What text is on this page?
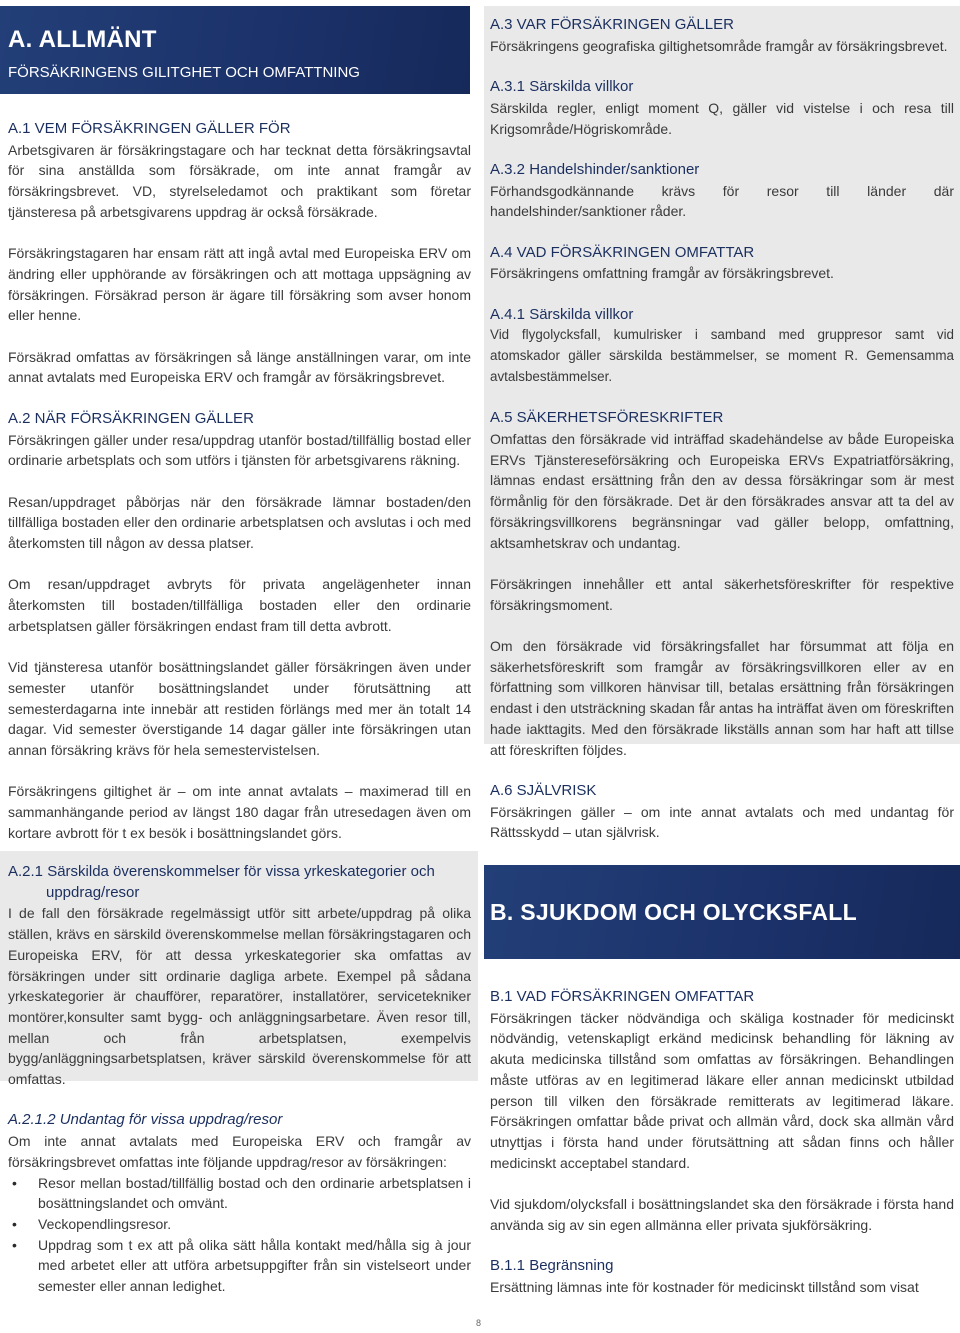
A. ALLMÄNT
FÖRSÄKRINGENS GILITGHET OCH OMFATTNING
A.1 VEM FÖRSÄKRINGEN GÄLLER FÖR

Arbetsgivaren är försäkringstagare och har tecknat detta försäkringsavtal för sina anställda som försäkrade, om inte annat framgår av försäkringsbrevet. VD, styrelseledamot och praktikant som företar tjänsteresa på arbetsgivarens uppdrag är också försäkrade.

Försäkringstagaren har ensam rätt att ingå avtal med Europeiska ERV om ändring eller upphörande av försäkringen och att mottaga uppsägning av försäkringen. Försäkrad person är ägare till försäkring som avser honom eller henne.

Försäkrad omfattas av försäkringen så länge anställningen varar, om inte annat avtalats med Europeiska ERV och framgår av försäkringsbrevet.

A.2 NÄR FÖRSÄKRINGEN GÄLLER

Försäkringen gäller under resa/uppdrag utanför bostad/tillfällig bostad eller ordinarie arbetsplats och som utförs i tjänsten för arbetsgivarens räkning.

Resan/uppdraget påbörjas när den försäkrade lämnar bostaden/den tillfälliga bostaden eller den ordinarie arbetsplatsen och avslutas i och med återkomsten till någon av dessa platser.

Om resan/uppdraget avbryts för privata angelägenheter innan återkomsten till bostaden/tillfälliga bostaden eller den ordinarie arbetsplatsen gäller försäkringen endast fram till detta avbrott.

Vid tjänsteresa utanför bosättningslandet gäller försäkringen även under semester utanför bosättningslandet under förutsättning att semesterdagarna inte innebär att restiden förlängs med mer än totalt 14 dagar. Vid semester överstigande 14 dagar gäller inte försäkringen utan annan försäkring krävs för hela semestervistelsen.

Försäkringens giltighet är – om inte annat avtalats – maximerad till en sammanhängande period av längst 180 dagar från utresedagen även om kortare avbrott för t ex besök i bosättningslandet görs.

A.2.1 Särskilda överenskommelser för vissa yrkeskategorier och
uppdrag/resor

I de fall den försäkrade regelmässigt utför sitt arbete/uppdrag på olika ställen, krävs en särskild överenskommelse mellan försäkringstagaren och Europeiska ERV, för att dessa yrkeskategorier ska omfattas av försäkringen under sitt ordinarie dagliga arbete. Exempel på sådana yrkeskategorier är chaufförer, reparatörer, installatörer, servicetekniker montörer,konsulter samt bygg- och anläggningsarbetare. Även resor till, mellan och från arbetsplatsen, exempelvis bygg/anläggningsarbetsplatsen, kräver särskild överenskommelse för att omfattas.

A.2.1.2 Undantag för vissa uppdrag/resor

Om inte annat avtalats med Europeiska ERV och framgår av försäkringsbrevet omfattas inte följande uppdrag/resor av försäkringen:

• Resor mellan bostad/tillfällig bostad och den ordinarie arbetsplatsen i bosättningslandet och omvänt.
• Veckopendlingsresor.
• Uppdrag som t ex att på olika sätt hålla kontakt med/hålla sig à jour med arbetet eller att utföra arbetsuppgifter från sin vistelseort under semester eller annan ledighet.
A.3 VAR FÖRSÄKRINGEN GÄLLER

Försäkringens geografiska giltighetsområde framgår av försäkringsbrevet.

A.3.1 Särskilda villkor

Särskilda regler, enligt moment Q, gäller vid vistelse i och resa till Krigsområde/Högriskområde.

A.3.2 Handelshinder/sanktioner

Förhandsgodkännande krävs för resor till länder där handelshinder/sanktioner råder.

A.4 VAD FÖRSÄKRINGEN OMFATTAR

Försäkringens omfattning framgår av försäkringsbrevet.

A.4.1 Särskilda villkor

Vid flygolycksfall, kumulrisker i samband med gruppresor samt vid atomskador gäller särskilda bestämmelser, se moment R. Gemensamma avtalsbestämmelser.

A.5 SÄKERHETSFÖRESKRIFTER

Omfattas den försäkrade vid inträffad skadehändelse av både Europeiska ERVs Tjänstereseförsäkring och Europeiska ERVs Expatriatförsäkring, lämnas endast ersättning från den av dessa försäkringar som är mest förmånlig för den försäkrade. Det är den försäkrades ansvar att ta del av försäkringsvillkorens begränsningar vad gäller belopp, omfattning, aktsamhetskrav och undantag.

Försäkringen innehåller ett antal säkerhetsföreskrifter för respektive försäkringsmoment.

Om den försäkrade vid försäkringsfallet har försummat att följa en säkerhetsföreskrift som framgår av försäkringsvillkoren eller av en författning som villkoren hänvisar till, betalas ersättning från försäkringen endast i den utsträckning skadan får antas ha inträffat även om föreskriften hade iakttagits. Med den försäkrade likställs annan som har haft att tillse att föreskriften följdes.

A.6 SJÄLVRISK

Försäkringen gäller – om inte annat avtalats och med undantag för Rättsskydd – utan självrisk.

B. SJUKDOM OCH OLYCKSFALL
B.1 VAD FÖRSÄKRINGEN OMFATTAR

Försäkringen täcker nödvändiga och skäliga kostnader för medicinskt nödvändig, vetenskapligt erkänd medicinsk behandling för läkning av akuta medicinska tillstånd som omfattas av försäkringen. Behandlingen måste utföras av en legitimerad läkare eller annan medicinskt utbildad person till vilken den försäkrade remitterats av legitimerad läkare. Försäkringen omfattar både privat och allmän vård, dock ska allmän vård utnyttjas i första hand under förutsättning att sådan finns och håller medicinskt acceptabel standard.

Vid sjukdom/olycksfall i bosättningslandet ska den försäkrade i första hand använda sig av sin egen allmänna eller privata sjukförsäkring.

B.1.1 Begränsning

Ersättning lämnas inte för kostnader för medicinskt tillstånd som visat

8
